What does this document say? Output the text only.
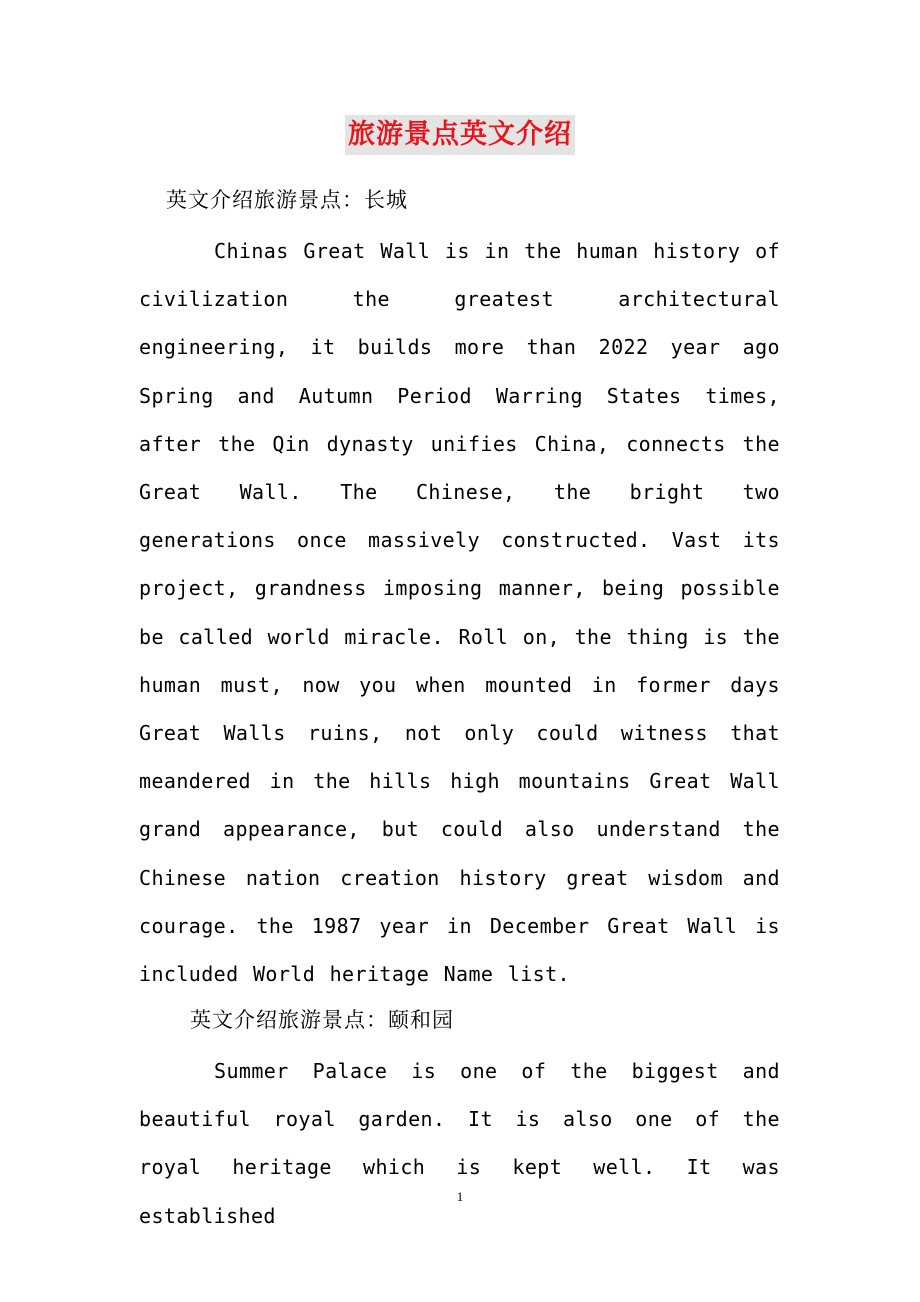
旅游景点英文介绍
英文介绍旅游景点：长城

Chinas Great Wall is in the human history of civilization the greatest architectural engineering, it builds more than 2022 year ago Spring and Autumn Period Warring States times, after the Qin dynasty unifies China, connects the Great Wall. The Chinese, the bright two generations once massively constructed. Vast its project, grandness imposing manner, being possible be called world miracle. Roll on, the thing is the human must, now you when mounted in former days Great Walls ruins, not only could witness that meandered in the hills high mountains Great Wall grand appearance, but could also understand the Chinese nation creation history great wisdom and courage. the 1987 year in December Great Wall is included World heritage Name list.

英文介绍旅游景点：颐和园

Summer Palace is one of the biggest and beautiful royal garden. It is also one of the royal heritage which is kept well. It was established

1
